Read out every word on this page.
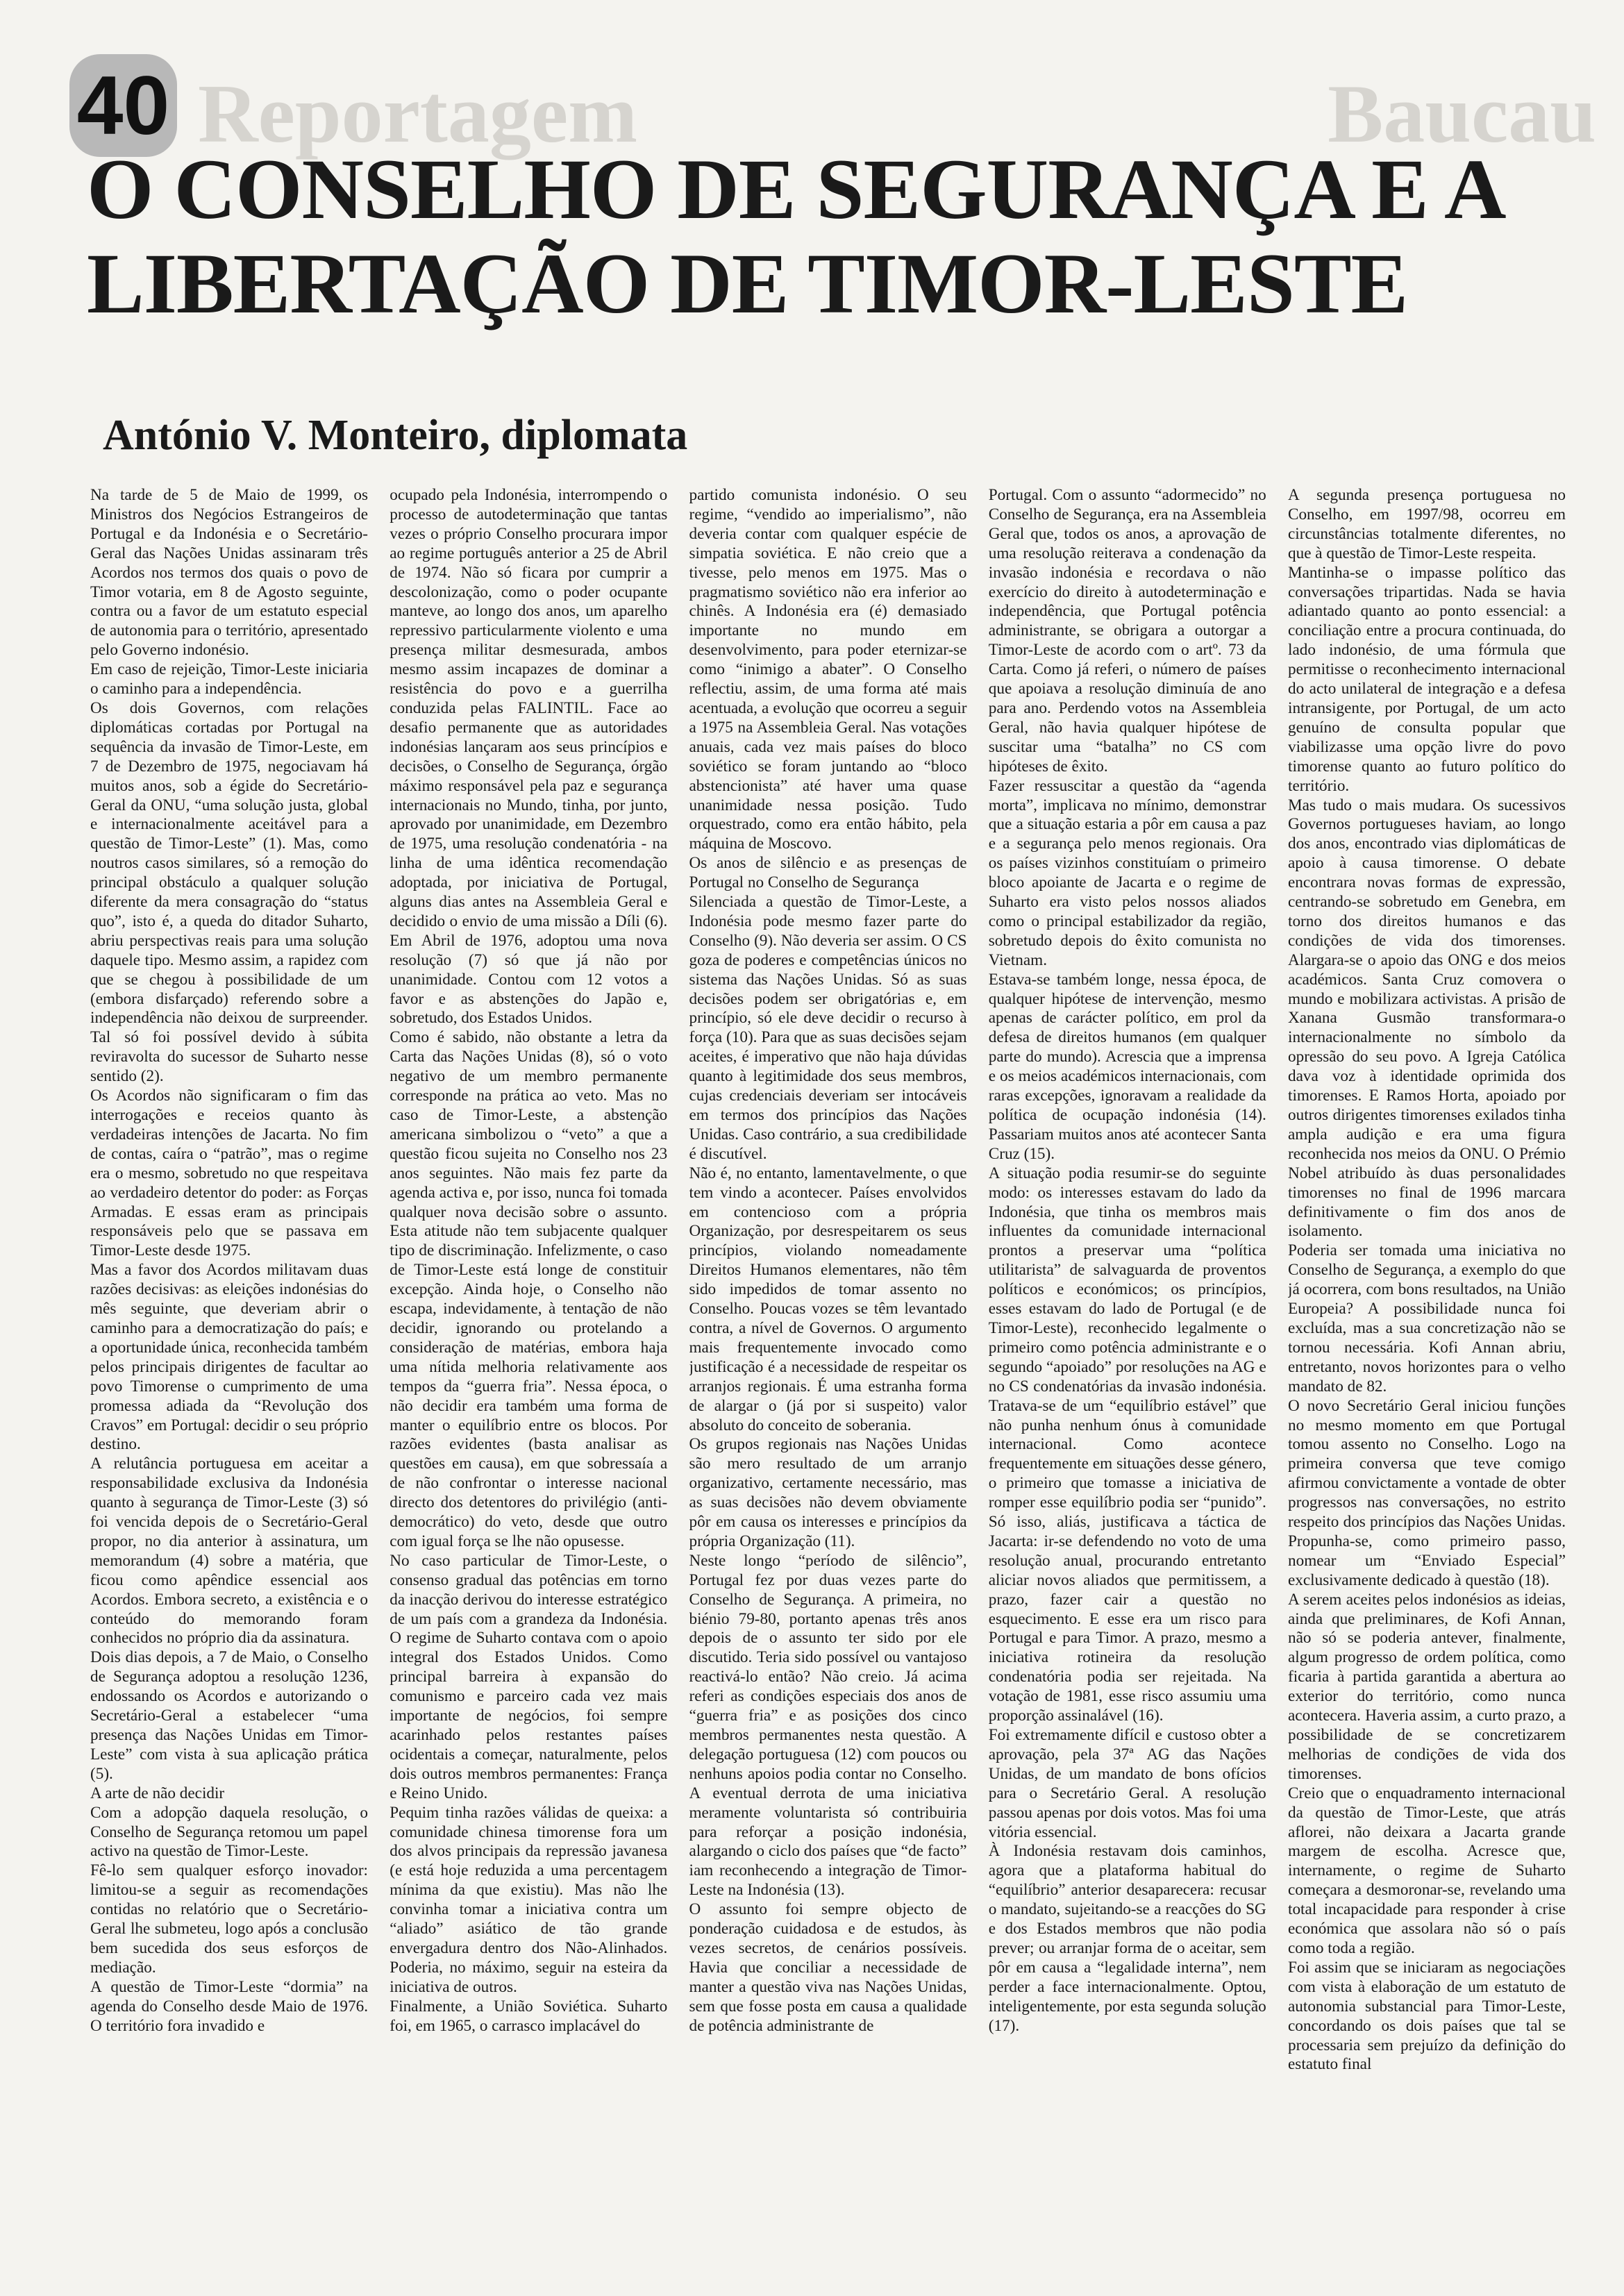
Reportagem	Baucau
40
O CONSELHO DE SEGURANÇA E A LIBERTAÇÃO DE TIMOR-LESTE
António V. Monteiro, diplomata

Na tarde de 5 de Maio de 1999, os Ministros dos Negócios Estrangeiros de Portugal e da Indonésia e o Secretário-Geral das Nações Unidas assinaram três Acordos nos termos dos quais o povo de Timor votaria, em 8 de Agosto seguinte, contra ou a favor de um estatuto especial de autonomia para o território, apresentado pelo Governo indonésio.

Em caso de rejeição, Timor-Leste iniciaria o caminho para a independência.

Os dois Governos, com relações diplomáticas cortadas por Portugal na sequência da invasão de Timor-Leste, em 7 de Dezembro de 1975, negociavam há muitos anos, sob a égide do Secretário-Geral da ONU, “uma solução justa, global e internacionalmente aceitável para a questão de Timor-Leste” (1). Mas, como noutros casos similares, só a remoção do principal obstáculo a qualquer solução diferente da mera consagração do “status quo”, isto é, a queda do ditador Suharto, abriu perspectivas reais para uma solução daquele tipo. Mesmo assim, a rapidez com que se chegou à possibilidade de um (embora disfarçado) referendo sobre a independência não deixou de surpreender. Tal só foi possível devido à súbita reviravolta do sucessor de Suharto nesse sentido (2).

Os Acordos não significaram o fim das interrogações e receios quanto às verdadeiras intenções de Jacarta. No fim de contas, caíra o “patrão”, mas o regime era o mesmo, sobretudo no que respeitava ao verdadeiro detentor do poder: as Forças Armadas. E essas eram as principais responsáveis pelo que se passava em Timor-Leste desde 1975.

Mas a favor dos Acordos militavam duas razões decisivas: as eleições indonésias do mês seguinte, que deveriam abrir o caminho para a democratização do país; e a oportunidade única, reconhecida também pelos principais dirigentes de facultar ao povo Timorense o cumprimento de uma promessa adiada da “Revolução dos Cravos” em Portugal: decidir o seu próprio destino.

A relutância portuguesa em aceitar a responsabilidade exclusiva da Indonésia quanto à segurança de Timor-Leste (3) só foi vencida depois de o Secretário-Geral propor, no dia anterior à assinatura, um memorandum (4) sobre a matéria, que ficou como apêndice essencial aos Acordos. Embora secreto, a existência e o conteúdo do memorando foram conhecidos no próprio dia da assinatura.

Dois dias depois, a 7 de Maio, o Conselho de Segurança adoptou a resolução 1236, endossando os Acordos e autorizando o Secretário-Geral a estabelecer “uma presença das Nações Unidas em Timor-Leste” com vista à sua aplicação prática (5).

A arte de não decidir

Com a adopção daquela resolução, o Conselho de Segurança retomou um papel activo na questão de Timor-Leste.

Fê-lo sem qualquer esforço inovador: limitou-se a seguir as recomendações contidas no relatório que o Secretário-Geral lhe submeteu, logo após a conclusão bem sucedida dos seus esforços de mediação.

A questão de Timor-Leste “dormia” na agenda do Conselho desde Maio de 1976. O território fora invadido e

ocupado pela Indonésia, interrompendo o processo de autodeterminação que tantas vezes o próprio Conselho procurara impor ao regime português anterior a 25 de Abril de 1974. Não só ficara por cumprir a descolonização, como o poder ocupante manteve, ao longo dos anos, um aparelho repressivo particularmente violento e uma presença militar desmesurada, ambos mesmo assim incapazes de dominar a resistência do povo e a guerrilha conduzida pelas FALINTIL. Face ao desafio permanente que as autoridades indonésias lançaram aos seus princípios e decisões, o Conselho de Segurança, órgão máximo responsável pela paz e segurança internacionais no Mundo, tinha, por junto, aprovado por unanimidade, em Dezembro de 1975, uma resolução condenatória - na linha de uma idêntica recomendação adoptada, por iniciativa de Portugal, alguns dias antes na Assembleia Geral e decidido o envio de uma missão a Díli (6). Em Abril de 1976, adoptou uma nova resolução (7) só que já não por unanimidade. Contou com 12 votos a favor e as abstenções do Japão e, sobretudo, dos Estados Unidos.

Como é sabido, não obstante a letra da Carta das Nações Unidas (8), só o voto negativo de um membro permanente corresponde na prática ao veto. Mas no caso de Timor-Leste, a abstenção americana simbolizou o “veto” a que a questão ficou sujeita no Conselho nos 23 anos seguintes. Não mais fez parte da agenda activa e, por isso, nunca foi tomada qualquer nova decisão sobre o assunto. Esta atitude não tem subjacente qualquer tipo de discriminação. Infelizmente, o caso de Timor-Leste está longe de constituir excepção. Ainda hoje, o Conselho não escapa, indevidamente, à tentação de não decidir, ignorando ou protelando a consideração de matérias, embora haja uma nítida melhoria relativamente aos tempos da “guerra fria”. Nessa época, o não decidir era também uma forma de manter o equilíbrio entre os blocos. Por razões evidentes (basta analisar as questões em causa), em que sobressaía a de não confrontar o interesse nacional directo dos detentores do privilégio (anti-democrático) do veto, desde que outro com igual força se lhe não opusesse.

No caso particular de Timor-Leste, o consenso gradual das potências em torno da inacção derivou do interesse estratégico de um país com a grandeza da Indonésia. O regime de Suharto contava com o apoio integral dos Estados Unidos. Como principal barreira à expansão do comunismo e parceiro cada vez mais importante de negócios, foi sempre acarinhado pelos restantes países ocidentais a começar, naturalmente, pelos dois outros membros permanentes: França e Reino Unido.

Pequim tinha razões válidas de queixa: a comunidade chinesa timorense fora um dos alvos principais da repressão javanesa (e está hoje reduzida a uma percentagem mínima da que existiu). Mas não lhe convinha tomar a iniciativa contra um “aliado” asiático de tão grande envergadura dentro dos Não-Alinhados. Poderia, no máximo, seguir na esteira da iniciativa de outros.

Finalmente, a União Soviética. Suharto foi, em 1965, o carrasco implacável do

partido comunista indonésio. O seu regime, “vendido ao imperialismo”, não deveria contar com qualquer espécie de simpatia soviética. E não creio que a tivesse, pelo menos em 1975. Mas o pragmatismo soviético não era inferior ao chinês. A Indonésia era (é) demasiado importante no mundo em desenvolvimento, para poder eternizar-se como “inimigo a abater”. O Conselho reflectiu, assim, de uma forma até mais acentuada, a evolução que ocorreu a seguir a 1975 na Assembleia Geral. Nas votações anuais, cada vez mais países do bloco soviético se foram juntando ao “bloco abstencionista” até haver uma quase unanimidade nessa posição. Tudo orquestrado, como era então hábito, pela máquina de Moscovo.

Os anos de silêncio e as presenças de Portugal no Conselho de Segurança

Silenciada a questão de Timor-Leste, a Indonésia pode mesmo fazer parte do Conselho (9). Não deveria ser assim. O CS goza de poderes e competências únicos no sistema das Nações Unidas. Só as suas decisões podem ser obrigatórias e, em princípio, só ele deve decidir o recurso à força (10). Para que as suas decisões sejam aceites, é imperativo que não haja dúvidas quanto à legitimidade dos seus membros, cujas credenciais deveriam ser intocáveis em termos dos princípios das Nações Unidas. Caso contrário, a sua credibilidade é discutível.

Não é, no entanto, lamentavelmente, o que tem vindo a acontecer. Países envolvidos em contencioso com a própria Organização, por desrespeitarem os seus princípios, violando nomeadamente Direitos Humanos elementares, não têm sido impedidos de tomar assento no Conselho. Poucas vozes se têm levantado contra, a nível de Governos. O argumento mais frequentemente invocado como justificação é a necessidade de respeitar os arranjos regionais. É uma estranha forma de alargar o (já por si suspeito) valor absoluto do conceito de soberania.

Os grupos regionais nas Nações Unidas são mero resultado de um arranjo organizativo, certamente necessário, mas as suas decisões não devem obviamente pôr em causa os interesses e princípios da própria Organização (11).

Neste longo “período de silêncio”, Portugal fez por duas vezes parte do Conselho de Segurança. A primeira, no biénio 79-80, portanto apenas três anos depois de o assunto ter sido por ele discutido. Teria sido possível ou vantajoso reactivá-lo então? Não creio. Já acima referi as condições especiais dos anos de “guerra fria” e as posições dos cinco membros permanentes nesta questão. A delegação portuguesa (12) com poucos ou nenhuns apoios podia contar no Conselho. A eventual derrota de uma iniciativa meramente voluntarista só contribuiria para reforçar a posição indonésia, alargando o ciclo dos países que “de facto” iam reconhecendo a integração de Timor-Leste na Indonésia (13).

O assunto foi sempre objecto de ponderação cuidadosa e de estudos, às vezes secretos, de cenários possíveis. Havia que conciliar a necessidade de manter a questão viva nas Nações Unidas, sem que fosse posta em causa a qualidade de potência administrante de

Portugal. Com o assunto “adormecido” no Conselho de Segurança, era na Assembleia Geral que, todos os anos, a aprovação de uma resolução reiterava a condenação da invasão indonésia e recordava o não exercício do direito à autodeterminação e independência, que Portugal potência administrante, se obrigara a outorgar a Timor-Leste de acordo com o artº. 73 da Carta. Como já referi, o número de países que apoiava a resolução diminuía de ano para ano. Perdendo votos na Assembleia Geral, não havia qualquer hipótese de suscitar uma “batalha” no CS com hipóteses de êxito.

Fazer ressuscitar a questão da “agenda morta”, implicava no mínimo, demonstrar que a situação estaria a pôr em causa a paz e a segurança pelo menos regionais. Ora os países vizinhos constituíam o primeiro bloco apoiante de Jacarta e o regime de Suharto era visto pelos nossos aliados como o principal estabilizador da região, sobretudo depois do êxito comunista no Vietnam.

Estava-se também longe, nessa época, de qualquer hipótese de intervenção, mesmo apenas de carácter político, em prol da defesa de direitos humanos (em qualquer parte do mundo). Acrescia que a imprensa e os meios académicos internacionais, com raras excepções, ignoravam a realidade da política de ocupação indonésia (14). Passariam muitos anos até acontecer Santa Cruz (15).

A situação podia resumir-se do seguinte modo: os interesses estavam do lado da Indonésia, que tinha os membros mais influentes da comunidade internacional prontos a preservar uma “política utilitarista” de salvaguarda de proventos políticos e económicos; os princípios, esses estavam do lado de Portugal (e de Timor-Leste), reconhecido legalmente o primeiro como potência administrante e o segundo “apoiado” por resoluções na AG e no CS condenatórias da invasão indonésia. Tratava-se de um “equilíbrio estável” que não punha nenhum ónus à comunidade internacional. Como acontece frequentemente em situações desse género, o primeiro que tomasse a iniciativa de romper esse equilíbrio podia ser “punido”. Só isso, aliás, justificava a táctica de Jacarta: ir-se defendendo no voto de uma resolução anual, procurando entretanto aliciar novos aliados que permitissem, a prazo, fazer cair a questão no esquecimento. E esse era um risco para Portugal e para Timor. A prazo, mesmo a iniciativa rotineira da resolução condenatória podia ser rejeitada. Na votação de 1981, esse risco assumiu uma proporção assinalável (16).

Foi extremamente difícil e custoso obter a aprovação, pela 37ª AG das Nações Unidas, de um mandato de bons ofícios para o Secretário Geral. A resolução passou apenas por dois votos. Mas foi uma vitória essencial.

À Indonésia restavam dois caminhos, agora que a plataforma habitual do “equilíbrio” anterior desaparecera: recusar o mandato, sujeitando-se a reacções do SG e dos Estados membros que não podia prever; ou arranjar forma de o aceitar, sem pôr em causa a “legalidade interna”, nem perder a face internacionalmente. Optou, inteligentemente, por esta segunda solução (17).

A segunda presença portuguesa no Conselho, em 1997/98, ocorreu em circunstâncias totalmente diferentes, no que à questão de Timor-Leste respeita.

Mantinha-se o impasse político das conversações tripartidas. Nada se havia adiantado quanto ao ponto essencial: a conciliação entre a procura continuada, do lado indonésio, de uma fórmula que permitisse o reconhecimento internacional do acto unilateral de integração e a defesa intransigente, por Portugal, de um acto genuíno de consulta popular que viabilizasse uma opção livre do povo timorense quanto ao futuro político do território.

Mas tudo o mais mudara. Os sucessivos Governos portugueses haviam, ao longo dos anos, encontrado vias diplomáticas de apoio à causa timorense. O debate encontrara novas formas de expressão, centrando-se sobretudo em Genebra, em torno dos direitos humanos e das condições de vida dos timorenses. Alargara-se o apoio das ONG e dos meios académicos. Santa Cruz comovera o mundo e mobilizara activistas. A prisão de Xanana Gusmão transformara-o internacionalmente no símbolo da opressão do seu povo. A Igreja Católica dava voz à identidade oprimida dos timorenses. E Ramos Horta, apoiado por outros dirigentes timorenses exilados tinha ampla audição e era uma figura reconhecida nos meios da ONU. O Prémio Nobel atribuído às duas personalidades timorenses no final de 1996 marcara definitivamente o fim dos anos de isolamento.

Poderia ser tomada uma iniciativa no Conselho de Segurança, a exemplo do que já ocorrera, com bons resultados, na União Europeia? A possibilidade nunca foi excluída, mas a sua concretização não se tornou necessária. Kofi Annan abriu, entretanto, novos horizontes para o velho mandato de 82.

O novo Secretário Geral iniciou funções no mesmo momento em que Portugal tomou assento no Conselho. Logo na primeira conversa que teve comigo afirmou convictamente a vontade de obter progressos nas conversações, no estrito respeito dos princípios das Nações Unidas. Propunha-se, como primeiro passo, nomear um “Enviado Especial” exclusivamente dedicado à questão (18).

A serem aceites pelos indonésios as ideias, ainda que preliminares, de Kofi Annan, não só se poderia antever, finalmente, algum progresso de ordem política, como ficaria à partida garantida a abertura ao exterior do território, como nunca acontecera. Haveria assim, a curto prazo, a possibilidade de se concretizarem melhorias de condições de vida dos timorenses.

Creio que o enquadramento internacional da questão de Timor-Leste, que atrás aflorei, não deixara a Jacarta grande margem de escolha. Acresce que, internamente, o regime de Suharto começara a desmoronar-se, revelando uma total incapacidade para responder à crise económica que assolara não só o país como toda a região.

Foi assim que se iniciaram as negociações com vista à elaboração de um estatuto de autonomia substancial para Timor-Leste, concordando os dois países que tal se processaria sem prejuízo da definição do estatuto final
